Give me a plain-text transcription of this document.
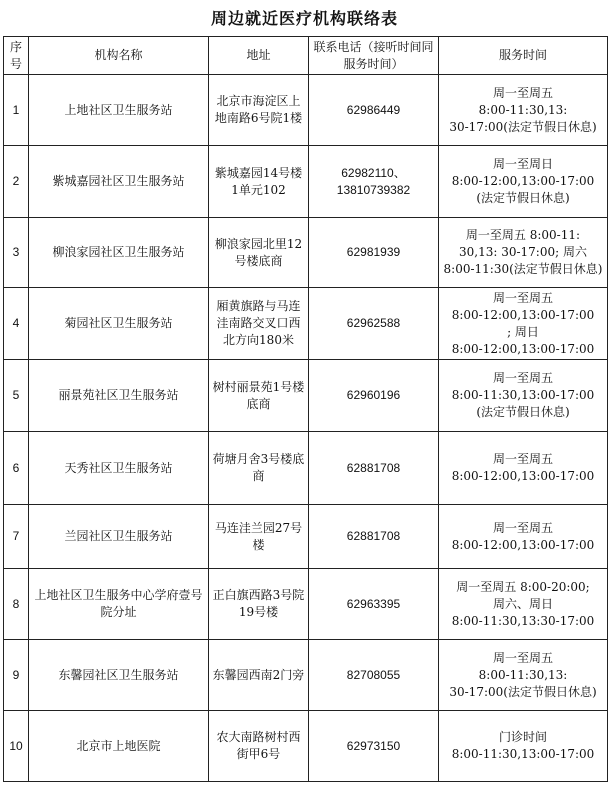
周边就近医疗机构联络表
序号	机构名称	地址	联系电话（接听时间同服务时间）	服务时间
1	上地社区卫生服务站	北京市海淀区上地南路6号院1楼	62986449	周一至周五
8:00-11:30,13:
30-17:00(法定节假日休息)
2	紫城嘉园社区卫生服务站	紫城嘉园14号楼1单元102	62982110、13810739382	周一至周日
8:00-12:00,13:00-17:00
(法定节假日休息)
3	柳浪家园社区卫生服务站	柳浪家园北里12号楼底商	62981939	周一至周五 8:00-11:
30,13: 30-17:00; 周六
8:00-11:30(法定节假日休息)
4	菊园社区卫生服务站	厢黄旗路与马连洼南路交叉口西北方向180米	62962588	周一至周五
8:00-12:00,13:00-17:00
; 周日
8:00-12:00,13:00-17:00
5	丽景苑社区卫生服务站	树村丽景苑1号楼底商	62960196	周一至周五
8:00-11:30,13:00-17:00
(法定节假日休息)
6	天秀社区卫生服务站	荷塘月舍3号楼底商	62881708	周一至周五
8:00-12:00,13:00-17:00
7	兰园社区卫生服务站	马连洼兰园27号楼	62881708	周一至周五
8:00-12:00,13:00-17:00
8	上地社区卫生服务中心学府壹号院分址	正白旗西路3号院19号楼	62963395	周一至周五 8:00-20:00;
周六、周日
8:00-11:30,13:30-17:00
9	东馨园社区卫生服务站	东馨园西南2门旁	82708055	周一至周五
8:00-11:30,13:
30-17:00(法定节假日休息)
10	北京市上地医院	农大南路树村西街甲6号	62973150	门诊时间
8:00-11:30,13:00-17:00
